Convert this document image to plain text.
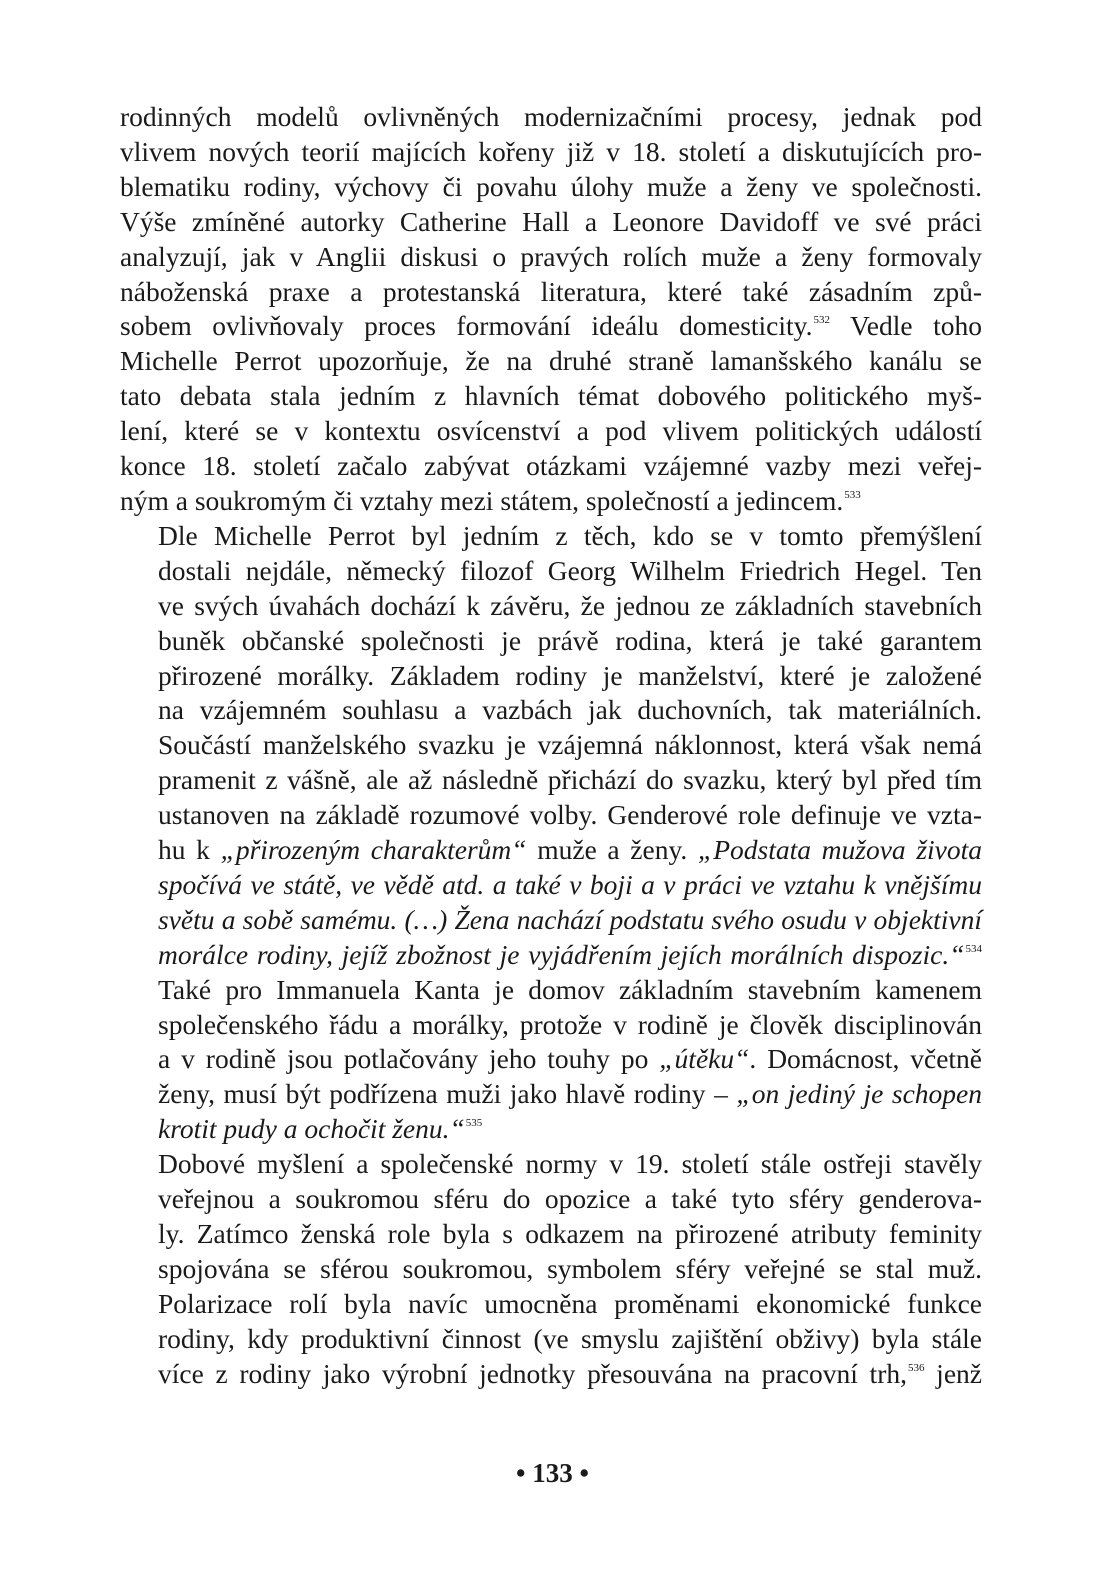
rodinných modelů ovlivněných modernizačními procesy, jednak pod
vlivem nových teorií majících kořeny již v 18. století a diskutujících pro-
blematiku rodiny, výchovy či povahu úlohy muže a ženy ve společnosti.
Výše zmíněné autorky Catherine Hall a Leonore Davidoff ve své práci
analyzují, jak v Anglii diskusi o pravých rolích muže a ženy formovaly
náboženská praxe a protestanská literatura, které také zásadním způ-
sobem ovlivňovaly proces formování ideálu domesticity.$^{532}$ Vedle toho
Michelle Perrot upozorňuje, že na druhé straně lamanšského kanálu se
tato debata stala jedním z hlavních témat dobového politického myš-
lení, které se v kontextu osvícenství a pod vlivem politických událostí
konce 18. století začalo zabývat otázkami vzájemné vazby mezi veřej-
ným a soukromým či vztahy mezi státem, společností a jedincem.$^{533}$

Dle Michelle Perrot byl jedním z těch, kdo se v tomto přemýšlení
dostali nejdále, německý filozof Georg Wilhelm Friedrich Hegel. Ten
ve svých úvahách dochází k závěru, že jednou ze základních stavebních
buněk občanské společnosti je právě rodina, která je také garantem
přirozené morálky. Základem rodiny je manželství, které je založené
na vzájemném souhlasu a vazbách jak duchovních, tak materiálních.
Součástí manželského svazku je vzájemná náklonnost, která však nemá
pramenit z vášně, ale až následně přichází do svazku, který byl před tím
ustanoven na základě rozumové volby. Genderové role definuje ve vzta-
hu k „přirozeným charakterům“ muže a ženy. „Podstata mužova života
spočívá ve státě, ve vědě atd. a také v boji a v práci ve vztahu k vnějšímu
světu a sobě samému. (…) Žena nachází podstatu svého osudu v objektivní
morálce rodiny, jejíž zbožnost je vyjádřením jejích morálních dispozic.“$^{534}$
Také pro Immanuela Kanta je domov základním stavebním kamenem
společenského řádu a morálky, protože v rodině je člověk disciplinován
a v rodině jsou potlačovány jeho touhy po „útěku“. Domácnost, včetně
ženy, musí být podřízena muži jako hlavě rodiny – „on jediný je schopen
krotit pudy a ochočit ženu.“$^{535}$

Dobové myšlení a společenské normy v 19. století stále ostřeji stavěly
veřejnou a soukromou sféru do opozice a také tyto sféry genderova-
ly. Zatímco ženská role byla s odkazem na přirozené atributy feminity
spojována se sférou soukromou, symbolem sféry veřejné se stal muž.
Polarizace rolí byla navíc umocněna proměnami ekonomické funkce
rodiny, kdy produktivní činnost (ve smyslu zajištění obživy) byla stále
více z rodiny jako výrobní jednotky přesouvána na pracovní trh,$^{536}$ jenž

• 133 •
